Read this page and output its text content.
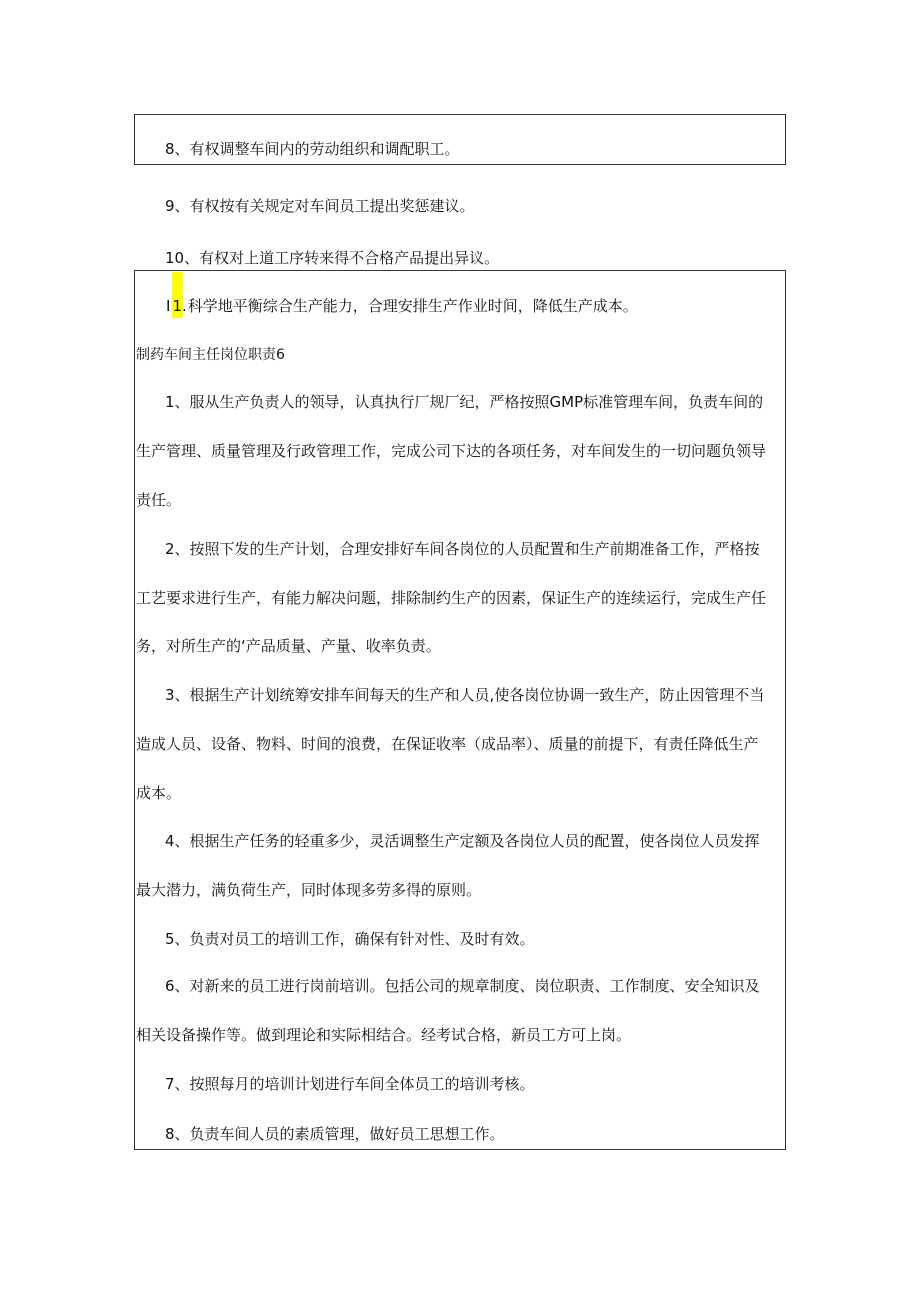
8、有权调整车间内的劳动组织和调配职工。
9、有权按有关规定对车间员工提出奖惩建议。
10、有权对上道工序转来得不合格产品提出异议。
I 1.科学地平衡综合生产能力，合理安排生产作业时间，降低生产成本。
制药车间主任岗位职责6
1、服从生产负责人的领导，认真执行厂规厂纪，严格按照GMP标准管理车间，负责车间的
生产管理、质量管理及行政管理工作，完成公司下达的各项任务，对车间发生的一切问题负领导
责任。
2、按照下发的生产计划，合理安排好车间各岗位的人员配置和生产前期准备工作，严格按
工艺要求进行生产，有能力解决问题，排除制约生产的因素，保证生产的连续运行，完成生产任
务，对所生产的‘产品质量、产量、收率负责。
3、根据生产计划统筹安排车间每天的生产和人员,使各岗位协调一致生产，防止因管理不当
造成人员、设备、物料、时间的浪费，在保证收率（成品率）、质量的前提下，有责任降低生产
成本。
4、根据生产任务的轻重多少，灵活调整生产定额及各岗位人员的配置，使各岗位人员发挥
最大潜力，满负荷生产，同时体现多劳多得的原则。
5、负责对员工的培训工作，确保有针对性、及时有效。
6、对新来的员工进行岗前培训。包括公司的规章制度、岗位职责、工作制度、安全知识及
相关设备操作等。做到理论和实际相结合。经考试合格，新员工方可上岗。
7、按照每月的培训计划进行车间全体员工的培训考核。
8、负责车间人员的素质管理，做好员工思想工作。
